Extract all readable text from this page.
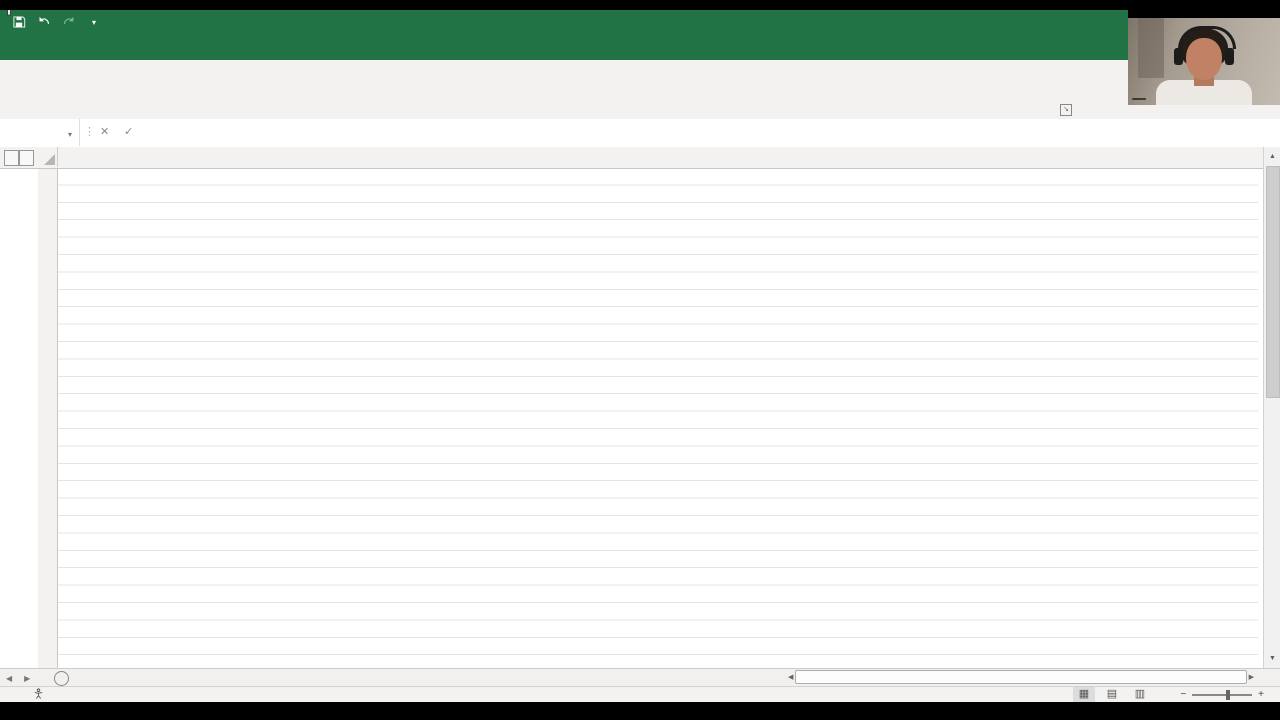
▾
↘
▾ ⋮ ✕ ✓
▲
▼
◀	▶	◀	▶
▦	▤	▥	−	+
